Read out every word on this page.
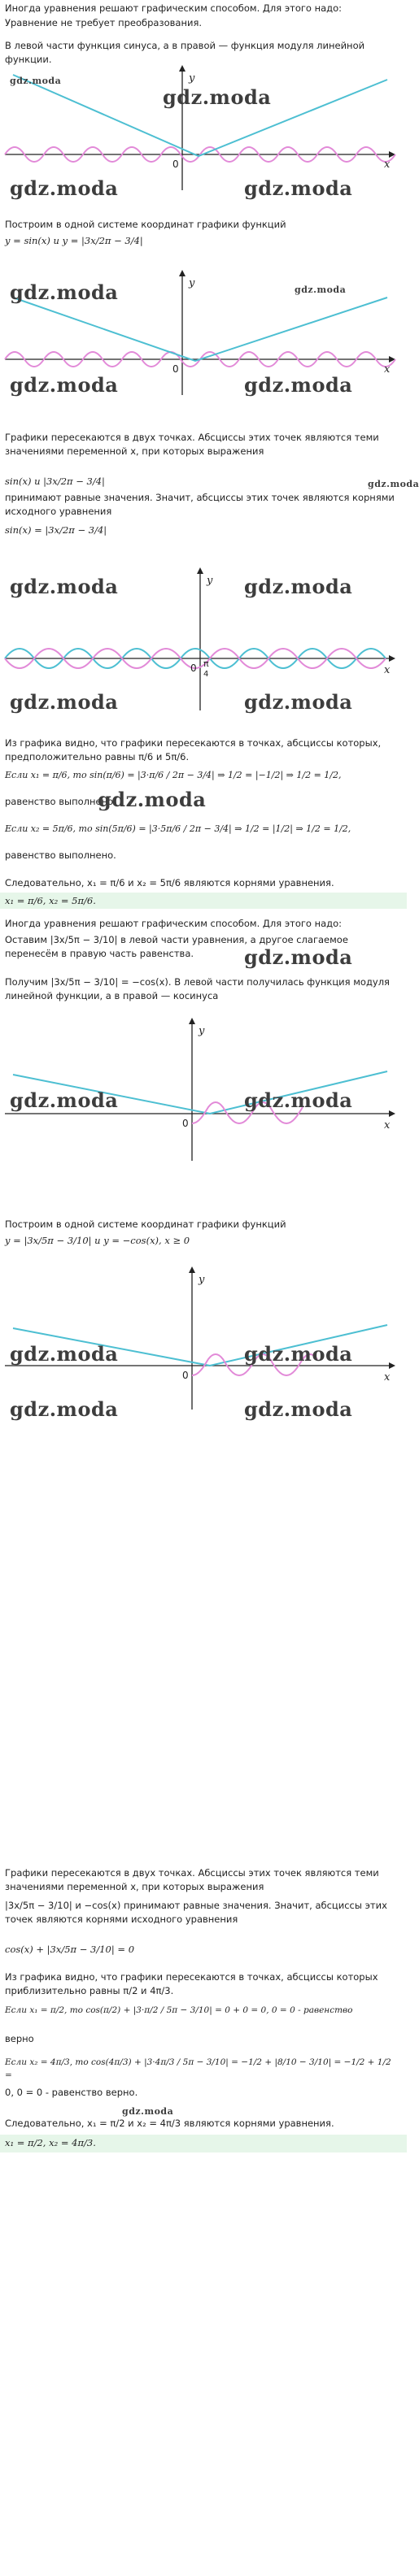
Иногда уравнения решают графическим способом. Для этого надо:
Уравнение не требует преобразования.
В левой части функция синуса, а в правой — функция модуля линейной функции.
y
x
0
gdz.moda
gdz.moda
gdz.moda	gdz.moda
Построим в одной системе координат графики функций
y = sin(x) и y = |3x/2π − 3/4|
y
x
0
gdz.moda	gdz.moda
gdz.moda	gdz.moda
Графики пересекаются в двух точках. Абсциссы этих точек являются теми значениями переменной x, при которых выражения
sin(x) и |3x/2π − 3/4|
принимают равные значения. Значит, абсциссы этих точек являются корнями исходного уравнения
gdz.moda
sin(x) = |3x/2π − 3/4|
y
x
0 π
4
gdz.moda	gdz.moda
gdz.moda	gdz.moda
Из графика видно, что графики пересекаются в точках, абсциссы которых, предположительно равны π/6 и 5π/6.
Если x₁ = π/6, то sin(π/6) = |3·π/6 / 2π − 3/4| ⇒ 1/2 = |−1/2| ⇒ 1/2 = 1/2,
равенство выполнено.
gdz.moda
Если x₂ = 5π/6, то sin(5π/6) = |3·5π/6 / 2π − 3/4| ⇒ 1/2 = |1/2| ⇒ 1/2 = 1/2,
равенство выполнено.
Следовательно, x₁ = π/6 и x₂ = 5π/6 являются корнями уравнения.
x₁ = π/6, x₂ = 5π/6.
Иногда уравнения решают графическим способом. Для этого надо:
Оставим |3x/5π − 3/10| в левой части уравнения, а другое слагаемое перенесём в правую часть равенства.	gdz.moda
Получим |3x/5π − 3/10| = −cos(x). В левой части получилась функция модуля линейной функции, а в правой — косинуса
y
x
0
gdz.moda	gdz.moda
Построим в одной системе координат графики функций
y = |3x/5π − 3/10| и y = −cos(x), x ≥ 0
y
x
0
gdz.moda	gdz.moda
gdz.moda	gdz.moda
Графики пересекаются в двух точках. Абсциссы этих точек являются теми значениями переменной x, при которых выражения
|3x/5π − 3/10| и −cos(x) принимают равные значения. Значит, абсциссы этих точек являются корнями исходного уравнения
cos(x) + |3x/5π − 3/10| = 0
Из графика видно, что графики пересекаются в точках, абсциссы которых приблизительно равны π/2 и 4π/3.
Если x₁ = π/2, то cos(π/2) + |3·π/2 / 5π − 3/10| = 0 + 0 = 0, 0 = 0 - равенство
верно
Если x₂ = 4π/3, то cos(4π/3) + |3·4π/3 / 5π − 3/10| = −1/2 + |8/10 − 3/10| = −1/2 + 1/2 =
0, 0 = 0 - равенство верно.
gdz.moda
Следовательно, x₁ = π/2 и x₂ = 4π/3 являются корнями уравнения.
x₁ = π/2, x₂ = 4π/3.
